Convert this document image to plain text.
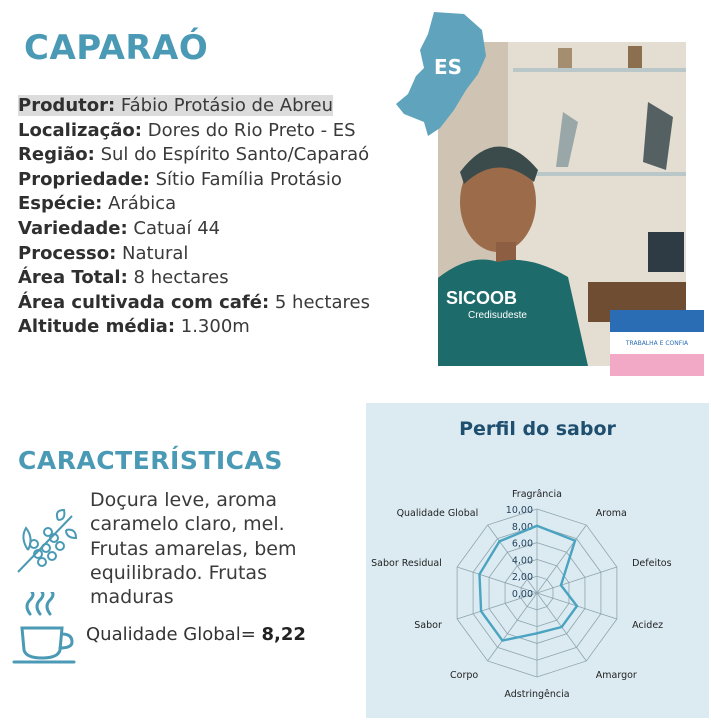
CAPARAÓ
Produtor: Fábio Protásio de Abreu
Localização: Dores do Rio Preto - ES
Região: Sul do Espírito Santo/Caparaó
Propriedade: Sítio Família Protásio
Espécie: Arábica
Variedade: Catuaí 44
Processo: Natural
Área Total: 8 hectares
Área cultivada com café: 5 hectares
Altitude média: 1.300m
SICOOB
Credisudeste
ES
TRABALHA E CONFIA
CARACTERÍSTICAS
Doçura leve, aroma caramelo claro, mel. Frutas amarelas, bem equilibrado. Frutas maduras
Qualidade Global= 8,22
Perfil do sabor
0,00
2,00
4,00
6,00
8,00
10,00
Fragrância
Aroma
Defeitos
Acidez
Amargor
Adstringência
Corpo
Sabor
Sabor Residual
Qualidade Global
